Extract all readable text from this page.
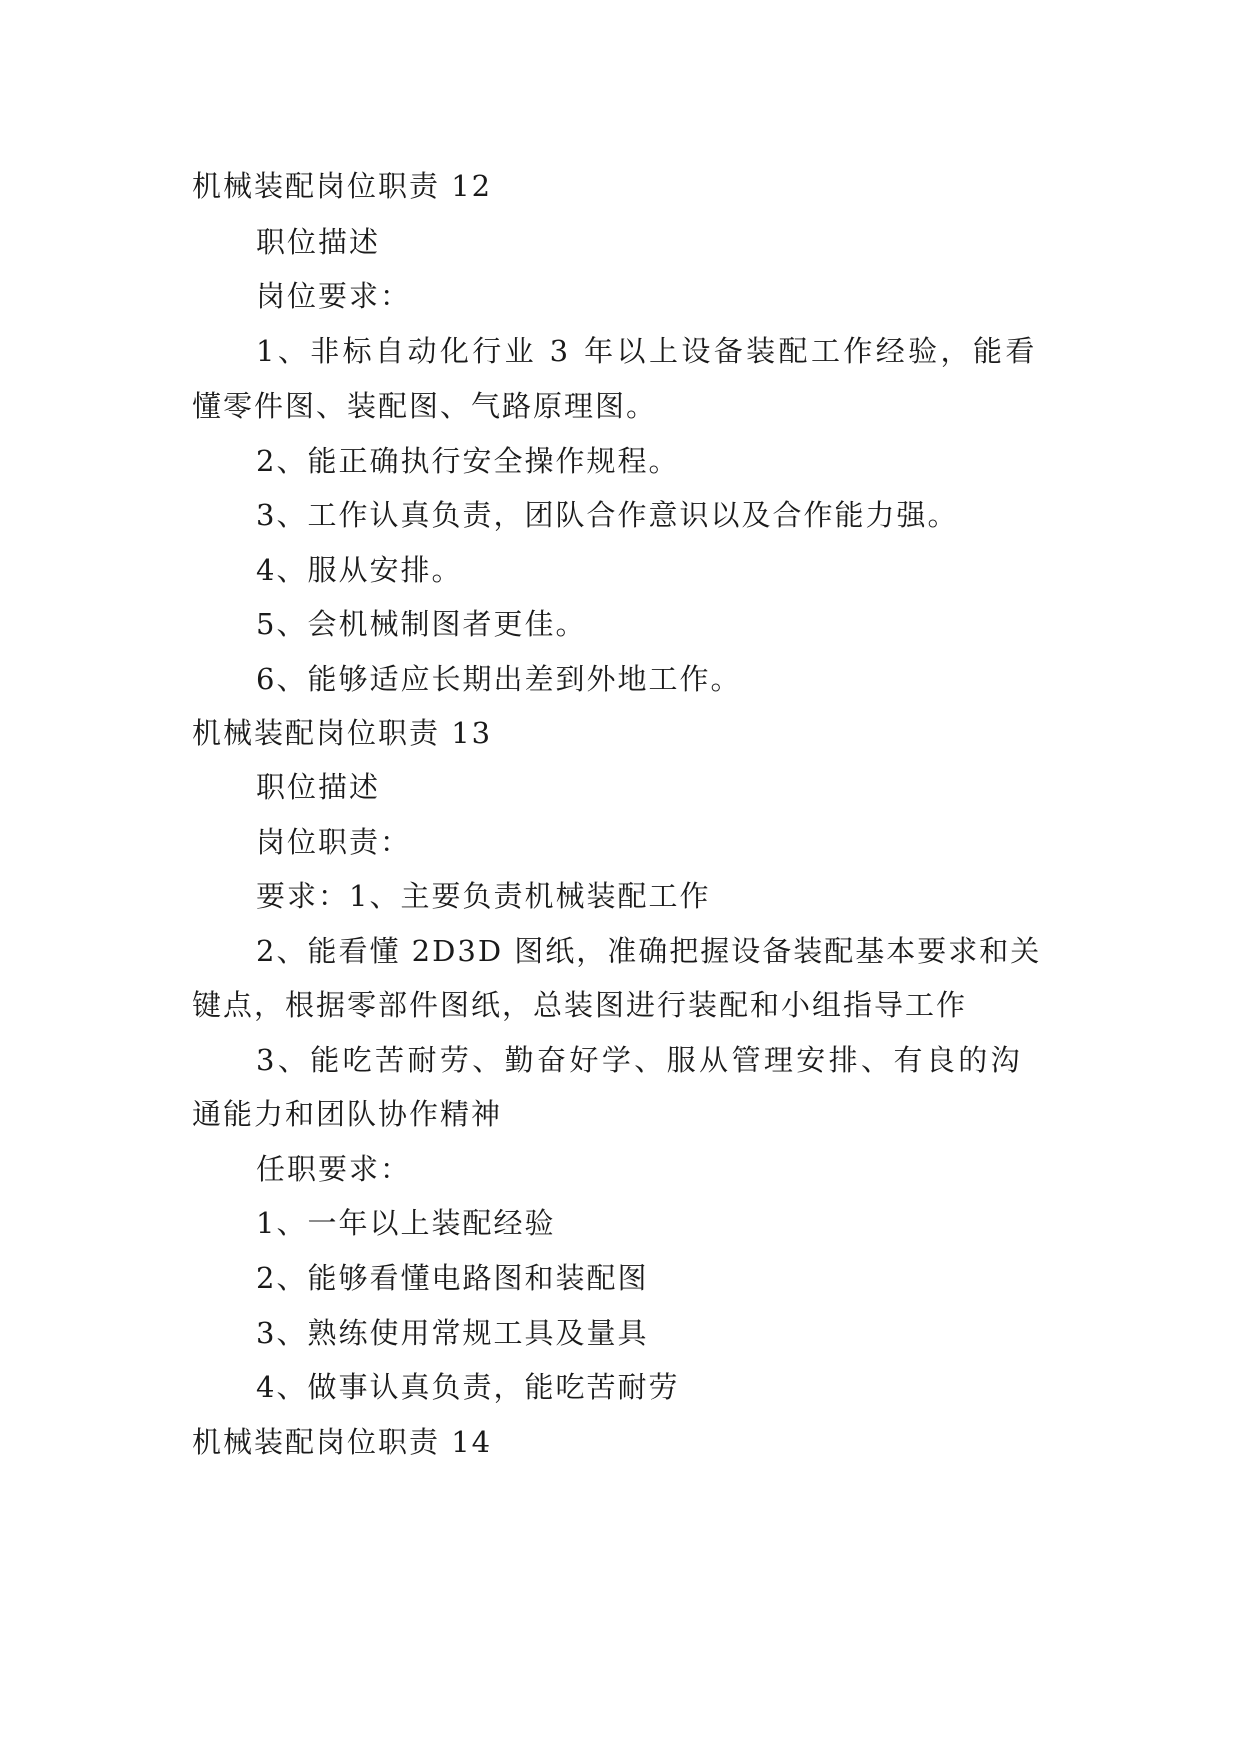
机械装配岗位职责 12
职位描述
岗位要求：
1、非标自动化行业 3 年以上设备装配工作经验，能看
懂零件图、装配图、气路原理图。
2、能正确执行安全操作规程。
3、工作认真负责，团队合作意识以及合作能力强。
4、服从安排。
5、会机械制图者更佳。
6、能够适应长期出差到外地工作。
机械装配岗位职责 13
职位描述
岗位职责：
要求：1、主要负责机械装配工作
2、能看懂 2D3D 图纸，准确把握设备装配基本要求和关
键点，根据零部件图纸，总装图进行装配和小组指导工作
3、能吃苦耐劳、勤奋好学、服从管理安排、有良的沟
通能力和团队协作精神
任职要求：
1、一年以上装配经验
2、能够看懂电路图和装配图
3、熟练使用常规工具及量具
4、做事认真负责，能吃苦耐劳
机械装配岗位职责 14
